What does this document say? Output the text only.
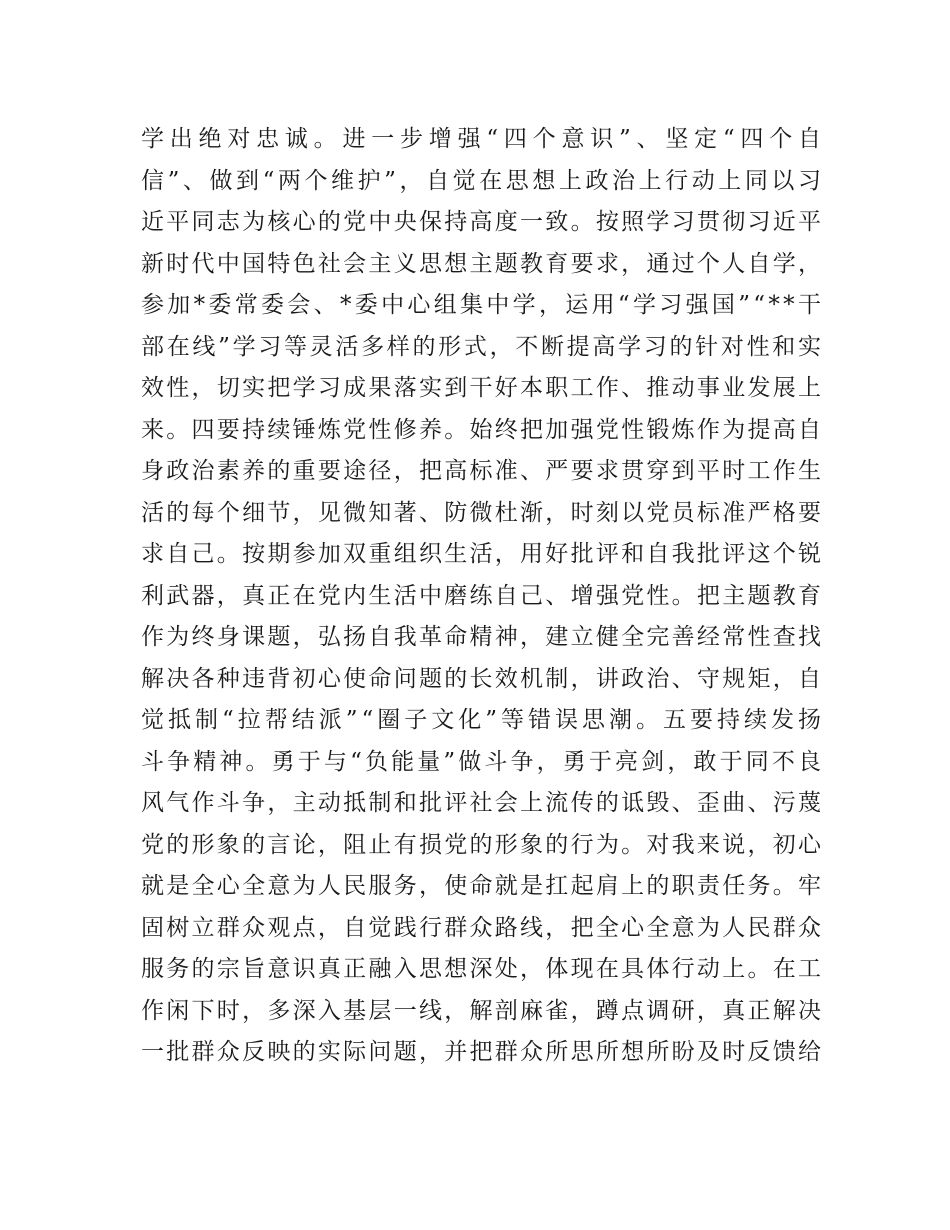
学出绝对忠诚。进一步增强“四个意识”、坚定“四个自
信”、做到“两个维护”，自觉在思想上政治上行动上同以习
近平同志为核心的党中央保持高度一致。按照学习贯彻习近平
新时代中国特色社会主义思想主题教育要求，通过个人自学，
参加*委常委会、*委中心组集中学，运用“学习强国”“**干
部在线”学习等灵活多样的形式，不断提高学习的针对性和实
效性，切实把学习成果落实到干好本职工作、推动事业发展上
来。四要持续锤炼党性修养。始终把加强党性锻炼作为提高自
身政治素养的重要途径，把高标准、严要求贯穿到平时工作生
活的每个细节，见微知著、防微杜渐，时刻以党员标准严格要
求自己。按期参加双重组织生活，用好批评和自我批评这个锐
利武器，真正在党内生活中磨练自己、增强党性。把主题教育
作为终身课题，弘扬自我革命精神，建立健全完善经常性查找
解决各种违背初心使命问题的长效机制，讲政治、守规矩，自
觉抵制“拉帮结派”“圈子文化”等错误思潮。五要持续发扬
斗争精神。勇于与“负能量”做斗争，勇于亮剑，敢于同不良
风气作斗争，主动抵制和批评社会上流传的诋毁、歪曲、污蔑
党的形象的言论，阻止有损党的形象的行为。对我来说，初心
就是全心全意为人民服务，使命就是扛起肩上的职责任务。牢
固树立群众观点，自觉践行群众路线，把全心全意为人民群众
服务的宗旨意识真正融入思想深处，体现在具体行动上。在工
作闲下时，多深入基层一线，解剖麻雀，蹲点调研，真正解决
一批群众反映的实际问题，并把群众所思所想所盼及时反馈给
